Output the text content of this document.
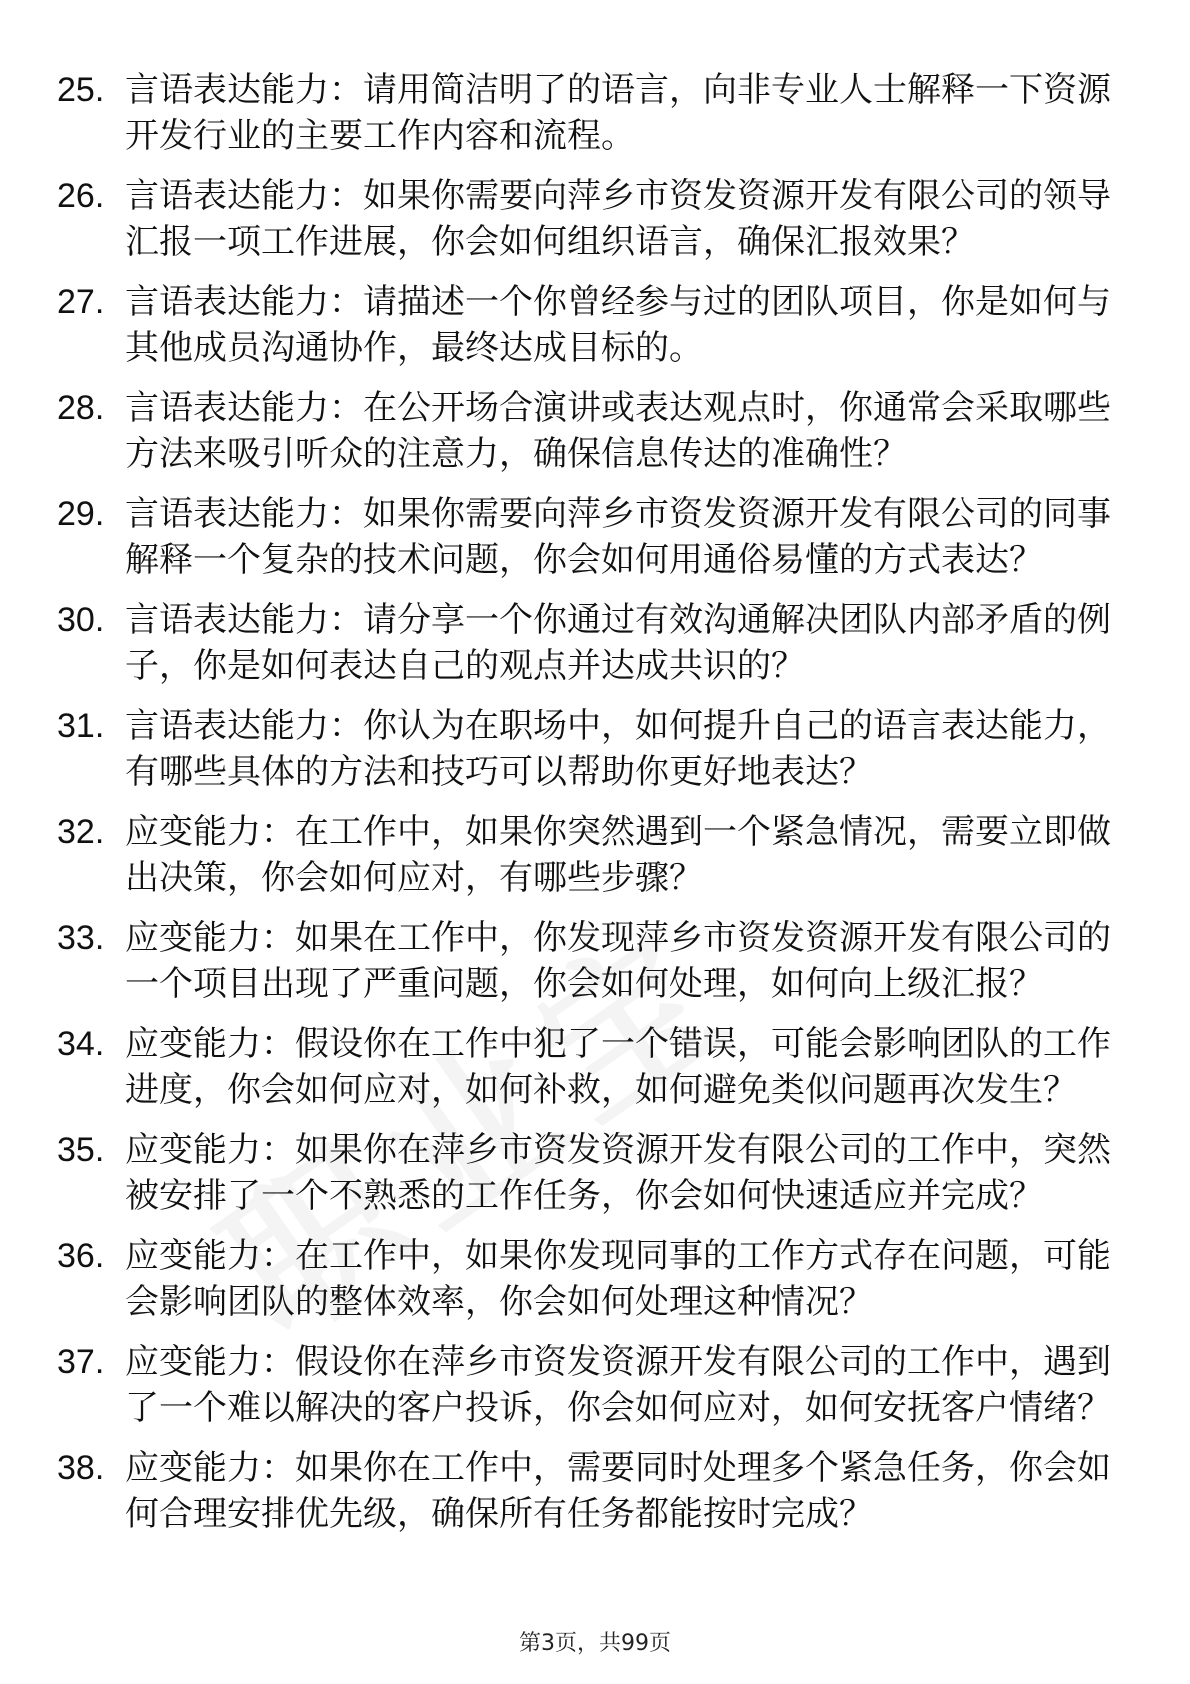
25. 言语表达能力：请用简洁明了的语言，向非专业人士解释一下资源开发行业的主要工作内容和流程。
26. 言语表达能力：如果你需要向萍乡市资发资源开发有限公司的领导汇报一项工作进展，你会如何组织语言，确保汇报效果？
27. 言语表达能力：请描述一个你曾经参与过的团队项目，你是如何与其他成员沟通协作，最终达成目标的。
28. 言语表达能力：在公开场合演讲或表达观点时，你通常会采取哪些方法来吸引听众的注意力，确保信息传达的准确性？
29. 言语表达能力：如果你需要向萍乡市资发资源开发有限公司的同事解释一个复杂的技术问题，你会如何用通俗易懂的方式表达？
30. 言语表达能力：请分享一个你通过有效沟通解决团队内部矛盾的例子，你是如何表达自己的观点并达成共识的？
31. 言语表达能力：你认为在职场中，如何提升自己的语言表达能力，有哪些具体的方法和技巧可以帮助你更好地表达？
32. 应变能力：在工作中，如果你突然遇到一个紧急情况，需要立即做出决策，你会如何应对，有哪些步骤？
33. 应变能力：如果在工作中，你发现萍乡市资发资源开发有限公司的一个项目出现了严重问题，你会如何处理，如何向上级汇报？
34. 应变能力：假设你在工作中犯了一个错误，可能会影响团队的工作进度，你会如何应对，如何补救，如何避免类似问题再次发生？
35. 应变能力：如果你在萍乡市资发资源开发有限公司的工作中，突然被安排了一个不熟悉的工作任务，你会如何快速适应并完成？
36. 应变能力：在工作中，如果你发现同事的工作方式存在问题，可能会影响团队的整体效率，你会如何处理这种情况？
37. 应变能力：假设你在萍乡市资发资源开发有限公司的工作中，遇到了一个难以解决的客户投诉，你会如何应对，如何安抚客户情绪？
38. 应变能力：如果你在工作中，需要同时处理多个紧急任务，你会如何合理安排优先级，确保所有任务都能按时完成？
第3页，共99页
